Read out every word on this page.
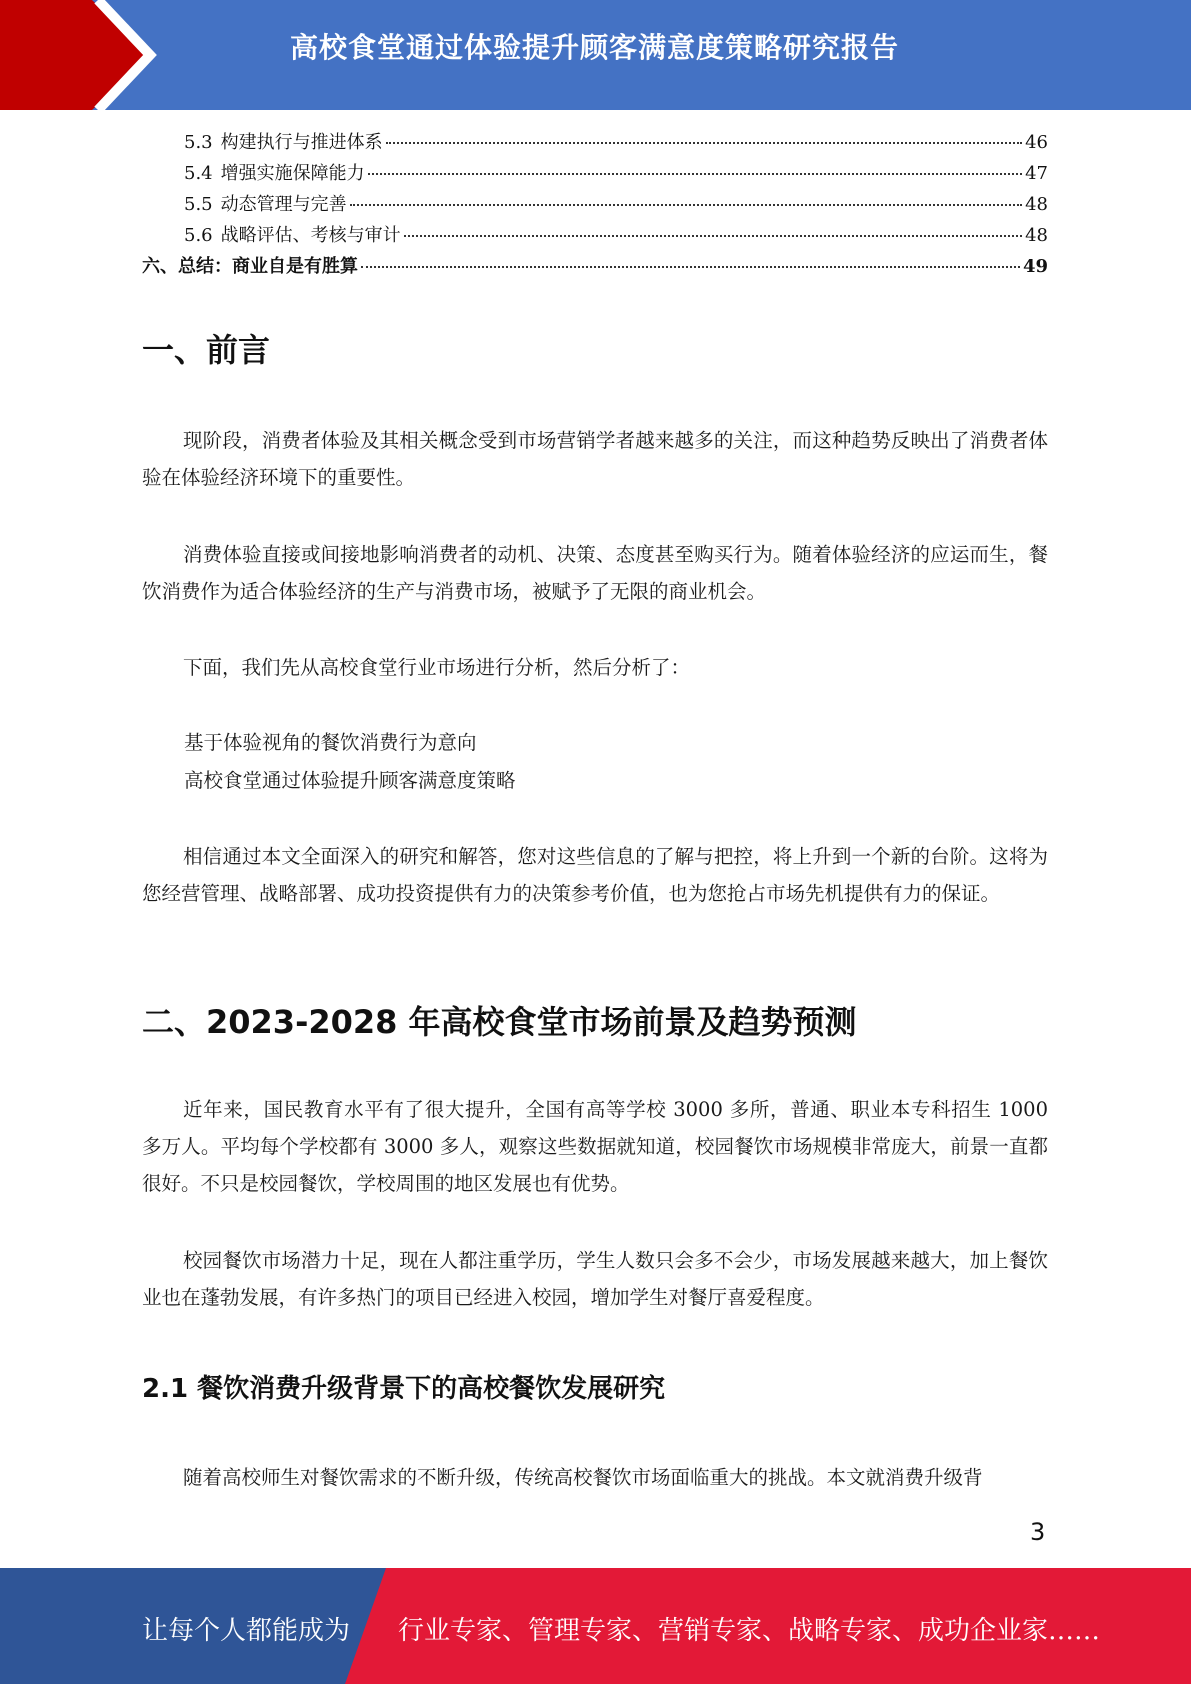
高校食堂通过体验提升顾客满意度策略研究报告
5.3 构建执行与推进体系	46
5.4 增强实施保障能力	47
5.5 动态管理与完善	48
5.6 战略评估、考核与审计	48
六、总结：商业自是有胜算	49
一、前言

现阶段，消费者体验及其相关概念受到市场营销学者越来越多的关注，而这种趋势反映出了消费者体验在体验经济环境下的重要性。

消费体验直接或间接地影响消费者的动机、决策、态度甚至购买行为。随着体验经济的应运而生，餐饮消费作为适合体验经济的生产与消费市场，被赋予了无限的商业机会。

下面，我们先从高校食堂行业市场进行分析，然后分析了：

基于体验视角的餐饮消费行为意向
高校食堂通过体验提升顾客满意度策略

相信通过本文全面深入的研究和解答，您对这些信息的了解与把控，将上升到一个新的台阶。这将为您经营管理、战略部署、成功投资提供有力的决策参考价值，也为您抢占市场先机提供有力的保证。

二、2023-2028 年高校食堂市场前景及趋势预测

近年来，国民教育水平有了很大提升，全国有高等学校 3000 多所，普通、职业本专科招生 1000 多万人。平均每个学校都有 3000 多人，观察这些数据就知道，校园餐饮市场规模非常庞大，前景一直都很好。不只是校园餐饮，学校周围的地区发展也有优势。

校园餐饮市场潜力十足，现在人都注重学历，学生人数只会多不会少，市场发展越来越大，加上餐饮业也在蓬勃发展，有许多热门的项目已经进入校园，增加学生对餐厅喜爱程度。

2.1 餐饮消费升级背景下的高校餐饮发展研究

随着高校师生对餐饮需求的不断升级，传统高校餐饮市场面临重大的挑战。本文就消费升级背

3
让每个人都能成为 行业专家、管理专家、营销专家、战略专家、成功企业家……
